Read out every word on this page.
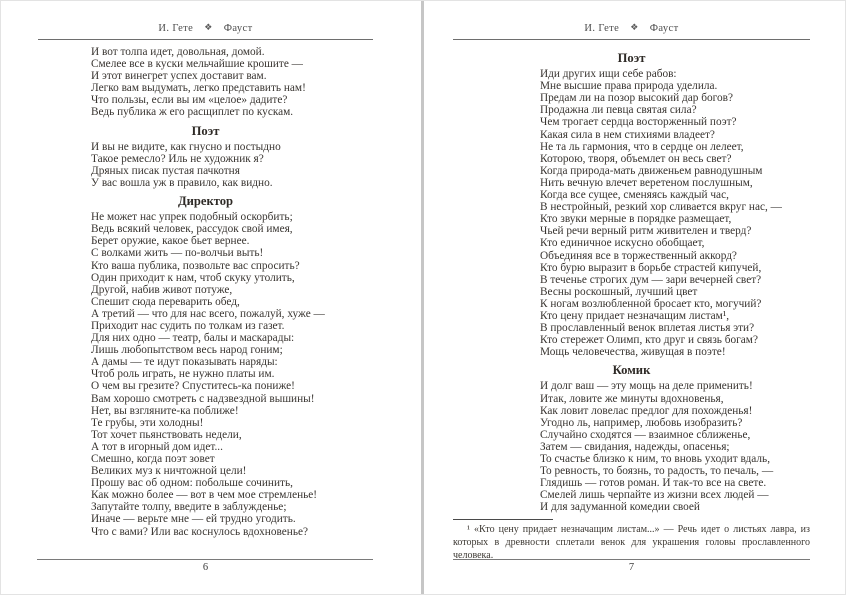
И. Гете ❖ Фауст
И вот толпа идет, довольная, домой.
Смелее все в куски мельчайшие крошите —
И этот винегрет успех доставит вам.
Легко вам выдумать, легко представить нам!
Что пользы, если вы им «целое» дадите?
Ведь публика ж его расщиплет по кускам.
Поэт
И вы не видите, как гнусно и постыдно
Такое ремесло? Иль не художник я?
Дряных писак пустая пачкотня
У вас вошла уж в правило, как видно.
Директор
Не может нас упрек подобный оскорбить;
Ведь всякий человек, рассудок свой имея,
Берет оружие, какое бьет вернее.
С волками жить — по-волчьи выть!
Кто ваша публика, позвольте вас спросить?
Один приходит к нам, чтоб скуку утолить,
Другой, набив живот потуже,
Спешит сюда переварить обед,
А третий — что для нас всего, пожалуй, хуже —
Приходит нас судить по толкам из газет.
Для них одно — театр, балы и маскарады:
Лишь любопытством весь народ гоним;
А дамы — те идут показывать наряды:
Чтоб роль играть, не нужно платы им.
О чем вы грезите? Спуститесь-ка пониже!
Вам хорошо смотреть с надзвездной вышины!
Нет, вы взгляните-ка поближе!
Те грубы, эти холодны!
Тот хочет пьянствовать недели,
А тот в игорный дом идет...
Смешно, когда поэт зовет
Великих муз к ничтожной цели!
Прошу вас об одном: побольше сочинить,
Как можно более — вот в чем мое стремленье!
Запутайте толпу, введите в заблужденье;
Иначе — верьте мне — ей трудно угодить.
Что с вами? Или вас коснулось вдохновенье?
6
И. Гете ❖ Фауст
Поэт
Иди других ищи себе рабов:
Мне высшие права природа уделила.
Предам ли на позор высокий дар богов?
Продажна ли певца святая сила?
Чем трогает сердца восторженный поэт?
Какая сила в нем стихиями владеет?
Не та ль гармония, что в сердце он лелеет,
Которою, творя, объемлет он весь свет?
Когда природа-мать движеньем равнодушным
Нить вечную влечет веретеном послушным,
Когда все сущее, сменяясь каждый час,
В нестройный, резкий хор сливается вкруг нас, —
Кто звуки мерные в порядке размещает,
Чьей речи верный ритм живителен и тверд?
Кто единичное искусно обобщает,
Объединяя все в торжественный аккорд?
Кто бурю выразит в борьбе страстей кипучей,
В теченье строгих дум — зари вечерней свет?
Весны роскошный, лучший цвет
К ногам возлюбленной бросает кто, могучий?
Кто цену придает незначащим листам¹,
В прославленный венок вплетая листья эти?
Кто стережет Олимп, кто друг и связь богам?
Мощь человечества, живущая в поэте!
Комик
И долг ваш — эту мощь на деле применить!
Итак, ловите же минуты вдохновенья,
Как ловит ловелас предлог для похожденья!
Угодно ль, например, любовь изобразить?
Случайно сходятся — взаимное сближенье,
Затем — свидания, надежды, опасенья;
То счастье близко к ним, то вновь уходит вдаль,
То ревность, то боязнь, то радость, то печаль, —
Глядишь — готов роман. И так-то все на свете.
Смелей лишь черпайте из жизни всех людей —
И для задуманной комедии своей
¹ «Кто цену придает незначащим листам...» — Речь идет о листьях лавра, из которых в древности сплетали венок для украшения головы прославленного человека.
7
